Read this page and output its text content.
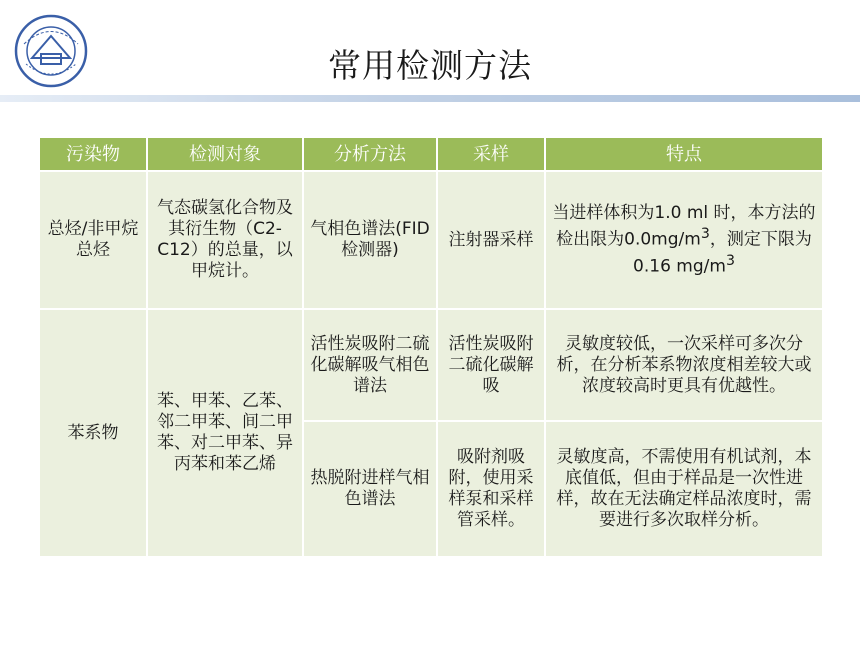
常用检测方法
污染物	检测对象	分析方法	采样	特点
总烃/非甲烷总烃	气态碳氢化合物及其衍生物（C2-C12）的总量，以甲烷计。	气相色谱法(FID检测器)	注射器采样	当进样体积为1.0 ml 时，本方法的检出限为$0.0mg/m^3$，测定下限为0.16 $mg/m^3$
苯系物	苯、甲苯、乙苯、邻二甲苯、间二甲苯、对二甲苯、异丙苯和苯乙烯	活性炭吸附二硫化碳解吸气相色谱法	活性炭吸附二硫化碳解吸	灵敏度较低，一次采样可多次分析，在分析苯系物浓度相差较大或浓度较高时更具有优越性。
		热脱附进样气相色谱法	吸附剂吸附，使用采样泵和采样管采样。	灵敏度高，不需使用有机试剂，本底值低，但由于样品是一次性进样，故在无法确定样品浓度时，需要进行多次取样分析。
